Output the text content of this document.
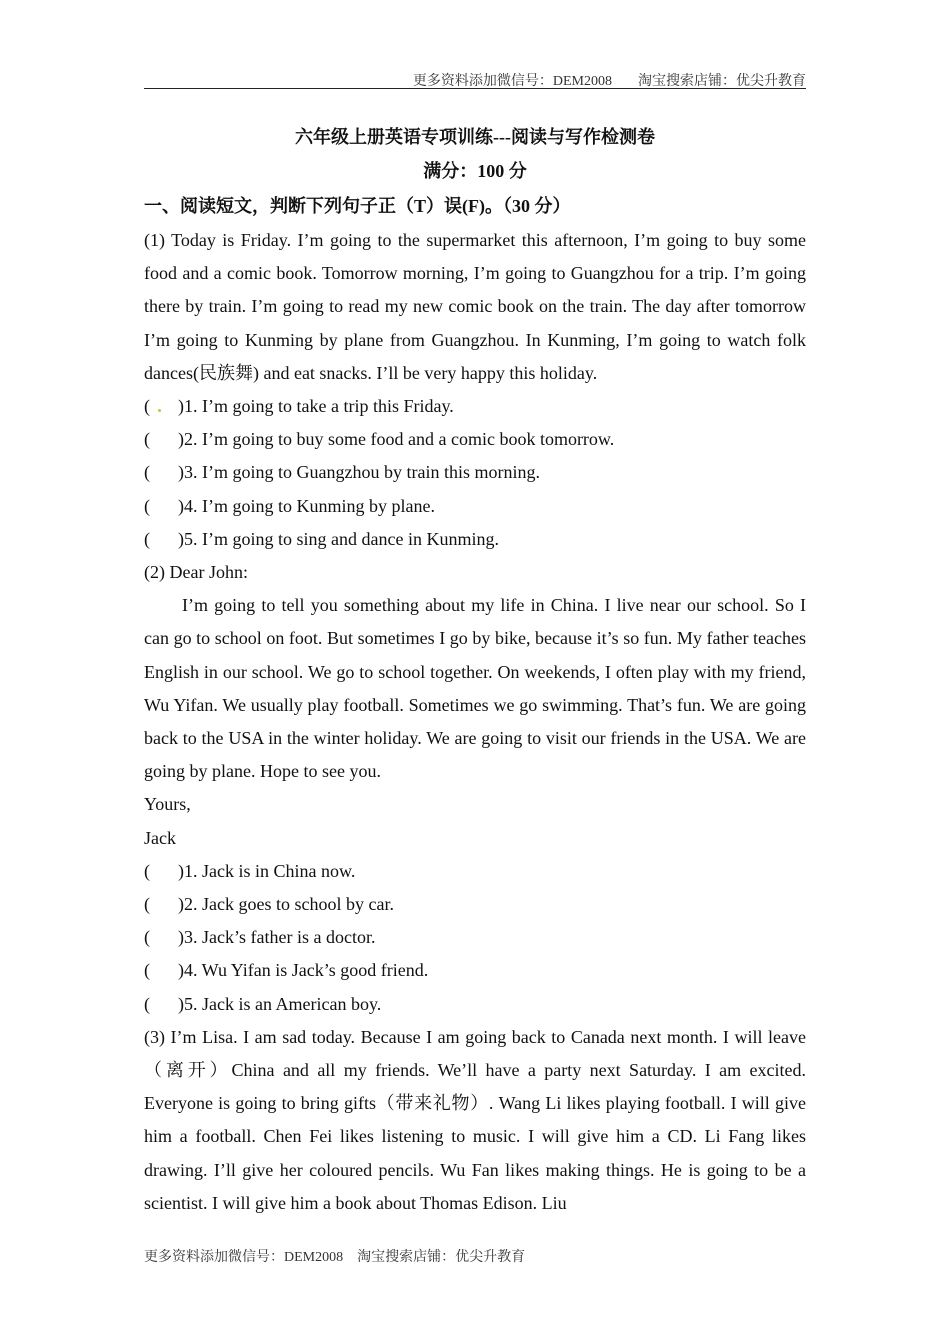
更多资料添加微信号：DEM2008 淘宝搜索店铺：优尖升教育
六年级上册英语专项训练---阅读与写作检测卷
满分：100 分
一、阅读短文，判断下列句子正（T）误(F)。（30 分）

(1) Today is Friday. I’m going to the supermarket this afternoon, I’m going to buy some food and a comic book. Tomorrow morning, I’m going to Guangzhou for a trip. I’m going there by train. I’m going to read my new comic book on the train. The day after tomorrow I’m going to Kunming by plane from Guangzhou. In Kunming, I’m going to watch folk dances(民族舞) and eat snacks. I’ll be very happy this holiday.

( )1. I’m going to take a trip this Friday.

( )2. I’m going to buy some food and a comic book tomorrow.

( )3. I’m going to Guangzhou by train this morning.

( )4. I’m going to Kunming by plane.

( )5. I’m going to sing and dance in Kunming.

(2) Dear John:

I’m going to tell you something about my life in China. I live near our school. So I can go to school on foot. But sometimes I go by bike, because it’s so fun. My father teaches English in our school. We go to school together. On weekends, I often play with my friend, Wu Yifan. We usually play football. Sometimes we go swimming. That’s fun. We are going back to the USA in the winter holiday. We are going to visit our friends in the USA. We are going by plane. Hope to see you.

Yours,

Jack

( )1. Jack is in China now.

( )2. Jack goes to school by car.

( )3. Jack’s father is a doctor.

( )4. Wu Yifan is Jack’s good friend.

( )5. Jack is an American boy.

(3) I’m Lisa. I am sad today. Because I am going back to Canada next month. I will leave（离开）China and all my friends. We’ll have a party next Saturday. I am excited. Everyone is going to bring gifts（带来礼物）. Wang Li likes playing football. I will give him a football. Chen Fei likes listening to music. I will give him a CD. Li Fang likes drawing. I’ll give her coloured pencils. Wu Fan likes making things. He is going to be a scientist. I will give him a book about Thomas Edison. Liu

更多资料添加微信号：DEM2008 淘宝搜索店铺：优尖升教育
